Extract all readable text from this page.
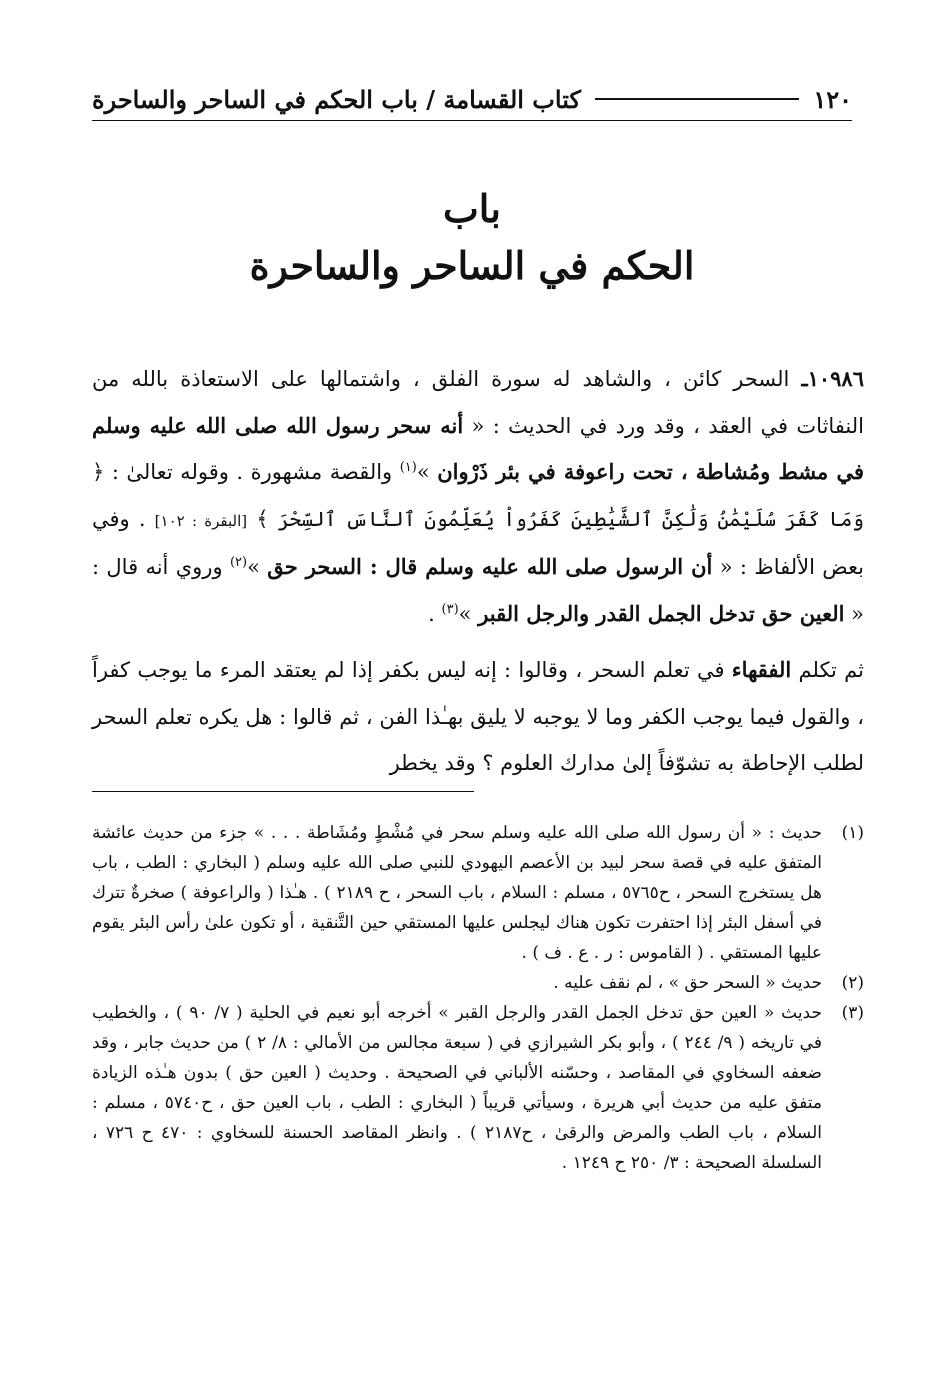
١٢٠
كتاب القسامة / باب الحكم في الساحر والساحرة
باب
الحكم في الساحر والساحرة

١٠٩٨٦ـ السحر كائن ، والشاهد له سورة الفلق ، واشتمالها على الاستعاذة بالله من النفاثات في العقد ، وقد ورد في الحديث : « أنه سحر رسول الله صلى الله عليه وسلم في مشط ومُشاطة ، تحت راعوفة في بئر ذَرْوان »$^{(١)}$ والقصة مشهورة . وقوله تعالىٰ : ﴿ وَمَا كَفَرَ سُلَيْمَٰنُ وَلَٰكِنَّ ٱلشَّيَٰطِينَ كَفَرُواْ يُعَلِّمُونَ ٱلنَّاسَ ٱلسِّحْرَ ﴾ [البقرة : ١٠٢] . وفي بعض الألفاظ : « أن الرسول صلى الله عليه وسلم قال : السحر حق »$^{(٢)}$ وروي أنه قال : « العين حق تدخل الجمل القدر والرجل القبر »$^{(٣)}$ .

ثم تكلم الفقهاء في تعلم السحر ، وقالوا : إنه ليس بكفر إذا لم يعتقد المرء ما يوجب كفراً ، والقول فيما يوجب الكفر وما لا يوجبه لا يليق بهـٰذا الفن ، ثم قالوا : هل يكره تعلم السحر لطلب الإحاطة به تشوّفاً إلىٰ مدارك العلوم ؟ وقد يخطر

(١)
حديث : « أن رسول الله صلى الله عليه وسلم سحر في مُشْطٍ ومُشَاطة . . . » جزء من حديث عائشة المتفق عليه في قصة سحر لبيد بن الأعصم اليهودي للنبي صلى الله عليه وسلم ( البخاري : الطب ، باب هل يستخرج السحر ، ح٥٧٦٥ ، مسلم : السلام ، باب السحر ، ح ٢١٨٩ ) . هـٰذا ( والراعوفة ) صخرةٌ تترك في أسفل البئر إذا احتفرت تكون هناك ليجلس عليها المستقي حين التَّنقية ، أو تكون علىٰ رأس البئر يقوم عليها المستقي . ( القاموس : ر . ع . ف ) .
(٢)
حديث « السحر حق » ، لم نقف عليه .
(٣)
حديث « العين حق تدخل الجمل القدر والرجل القبر » أخرجه أبو نعيم في الحلية ( ٧/ ٩٠ ) ، والخطيب في تاريخه ( ٩/ ٢٤٤ ) ، وأبو بكر الشيرازي في ( سبعة مجالس من الأمالي : ٨/ ٢ ) من حديث جابر ، وقد ضعفه السخاوي في المقاصد ، وحسّنه الألباني في الصحيحة . وحديث ( العين حق ) بدون هـٰذه الزيادة متفق عليه من حديث أبي هريرة ، وسيأتي قريباً ( البخاري : الطب ، باب العين حق ، ح٥٧٤٠ ، مسلم : السلام ، باب الطب والمرض والرقىٰ ، ح٢١٨٧ ) . وانظر المقاصد الحسنة للسخاوي : ٤٧٠ ح ٧٢٦ ، السلسلة الصحيحة : ٣/ ٢٥٠ ح ١٢٤٩ .
